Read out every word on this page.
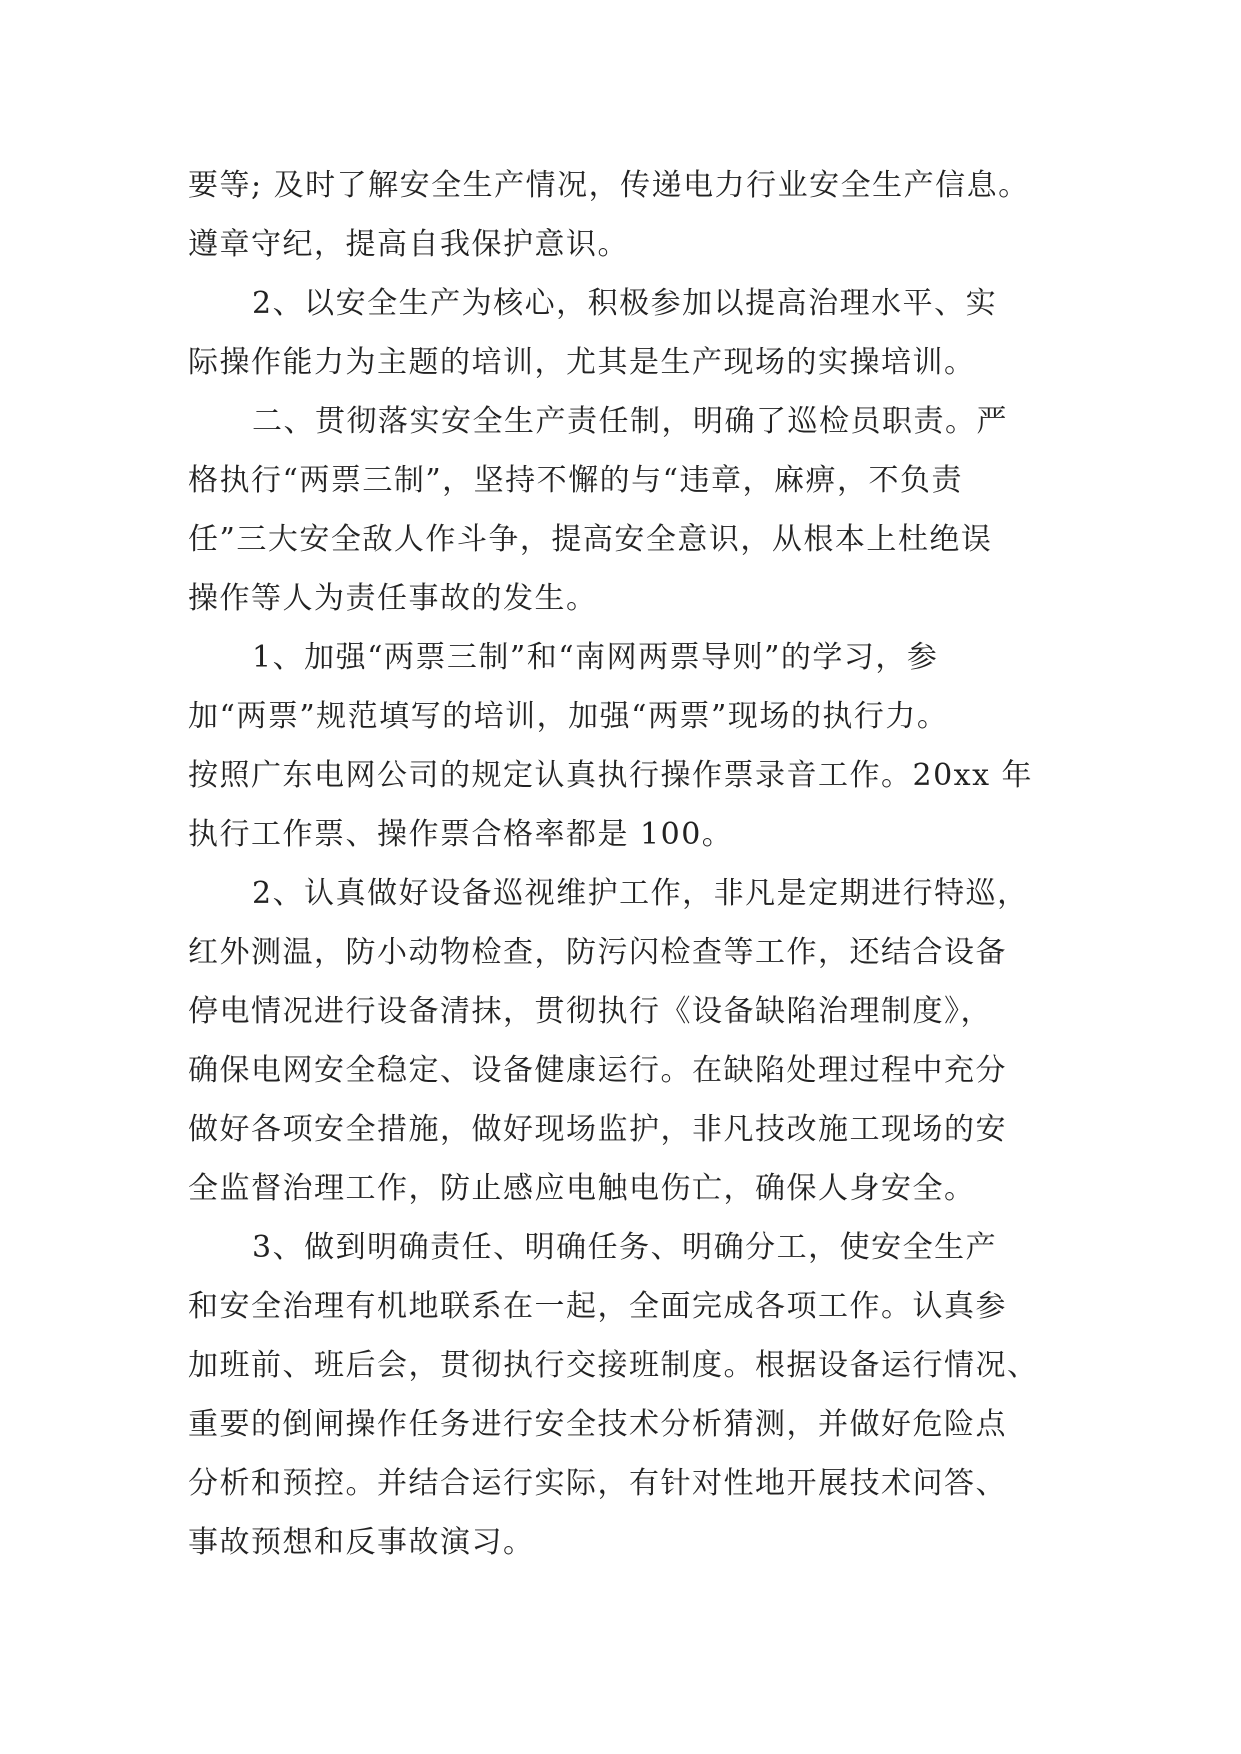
要等; 及时了解安全生产情况，传递电力行业安全生产信息。
遵章守纪，提高自我保护意识。
2、以安全生产为核心，积极参加以提高治理水平、实
际操作能力为主题的培训，尤其是生产现场的实操培训。
二、贯彻落实安全生产责任制，明确了巡检员职责。严
格执行“两票三制”，坚持不懈的与“违章，麻痹，不负责
任”三大安全敌人作斗争，提高安全意识，从根本上杜绝误
操作等人为责任事故的发生。
1、加强“两票三制”和“南网两票导则”的学习，参
加“两票”规范填写的培训，加强“两票”现场的执行力。
按照广东电网公司的规定认真执行操作票录音工作。20xx 年
执行工作票、操作票合格率都是 100。
2、认真做好设备巡视维护工作，非凡是定期进行特巡，
红外测温，防小动物检查，防污闪检查等工作，还结合设备
停电情况进行设备清抹，贯彻执行《设备缺陷治理制度》，
确保电网安全稳定、设备健康运行。在缺陷处理过程中充分
做好各项安全措施，做好现场监护，非凡技改施工现场的安
全监督治理工作，防止感应电触电伤亡，确保人身安全。
3、做到明确责任、明确任务、明确分工，使安全生产
和安全治理有机地联系在一起，全面完成各项工作。认真参
加班前、班后会，贯彻执行交接班制度。根据设备运行情况、
重要的倒闸操作任务进行安全技术分析猜测，并做好危险点
分析和预控。并结合运行实际，有针对性地开展技术问答、
事故预想和反事故演习。
